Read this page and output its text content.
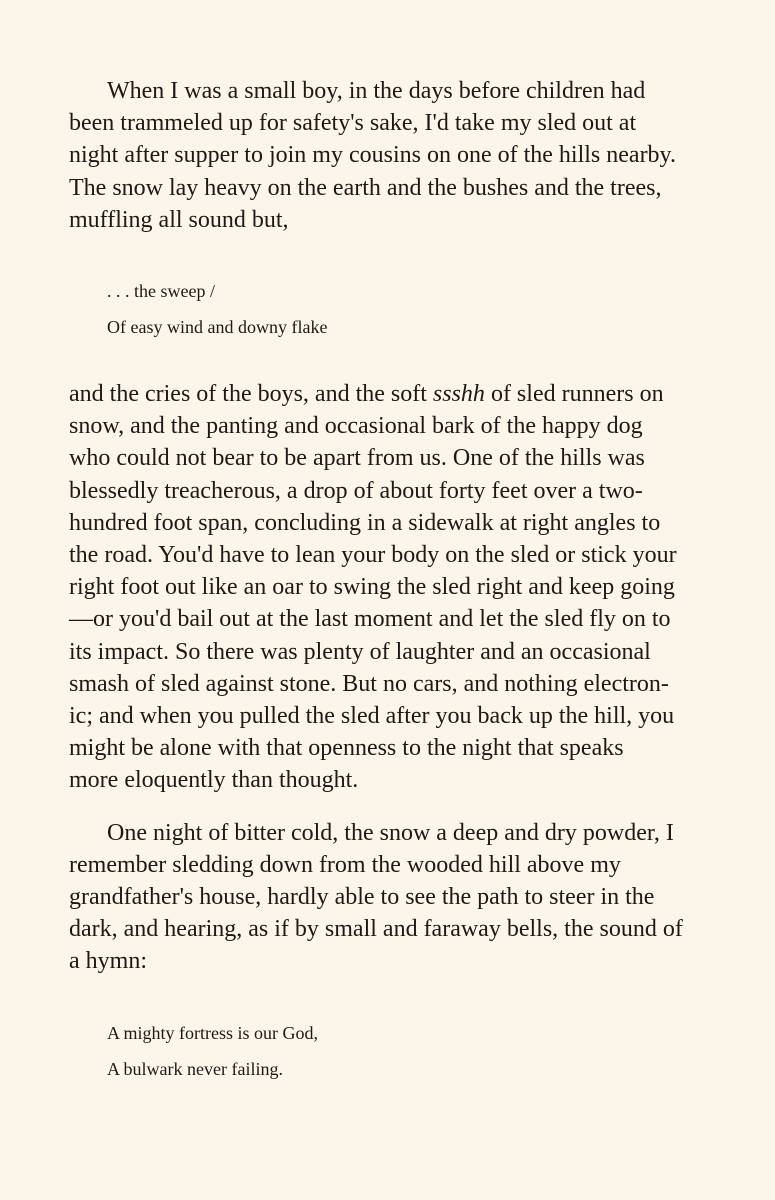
When I was a small boy, in the days before children had
been trammeled up for safety's sake, I'd take my sled out at
night after supper to join my cousins on one of the hills nearby.
The snow lay heavy on the earth and the bushes and the trees,
muffling all sound but,
. . . the sweep /
Of easy wind and downy flake
and the cries of the boys, and the soft ssshh of sled runners on
snow, and the panting and occasional bark of the happy dog
who could not bear to be apart from us. One of the hills was
blessedly treacherous, a drop of about forty feet over a two-
hundred foot span, concluding in a sidewalk at right angles to
the road. You'd have to lean your body on the sled or stick your
right foot out like an oar to swing the sled right and keep going
—or you'd bail out at the last moment and let the sled fly on to
its impact. So there was plenty of laughter and an occasional
smash of sled against stone. But no cars, and nothing electron-
ic; and when you pulled the sled after you back up the hill, you
might be alone with that openness to the night that speaks
more eloquently than thought.
One night of bitter cold, the snow a deep and dry powder, I
remember sledding down from the wooded hill above my
grandfather's house, hardly able to see the path to steer in the
dark, and hearing, as if by small and faraway bells, the sound of
a hymn:
A mighty fortress is our God,
A bulwark never failing.
